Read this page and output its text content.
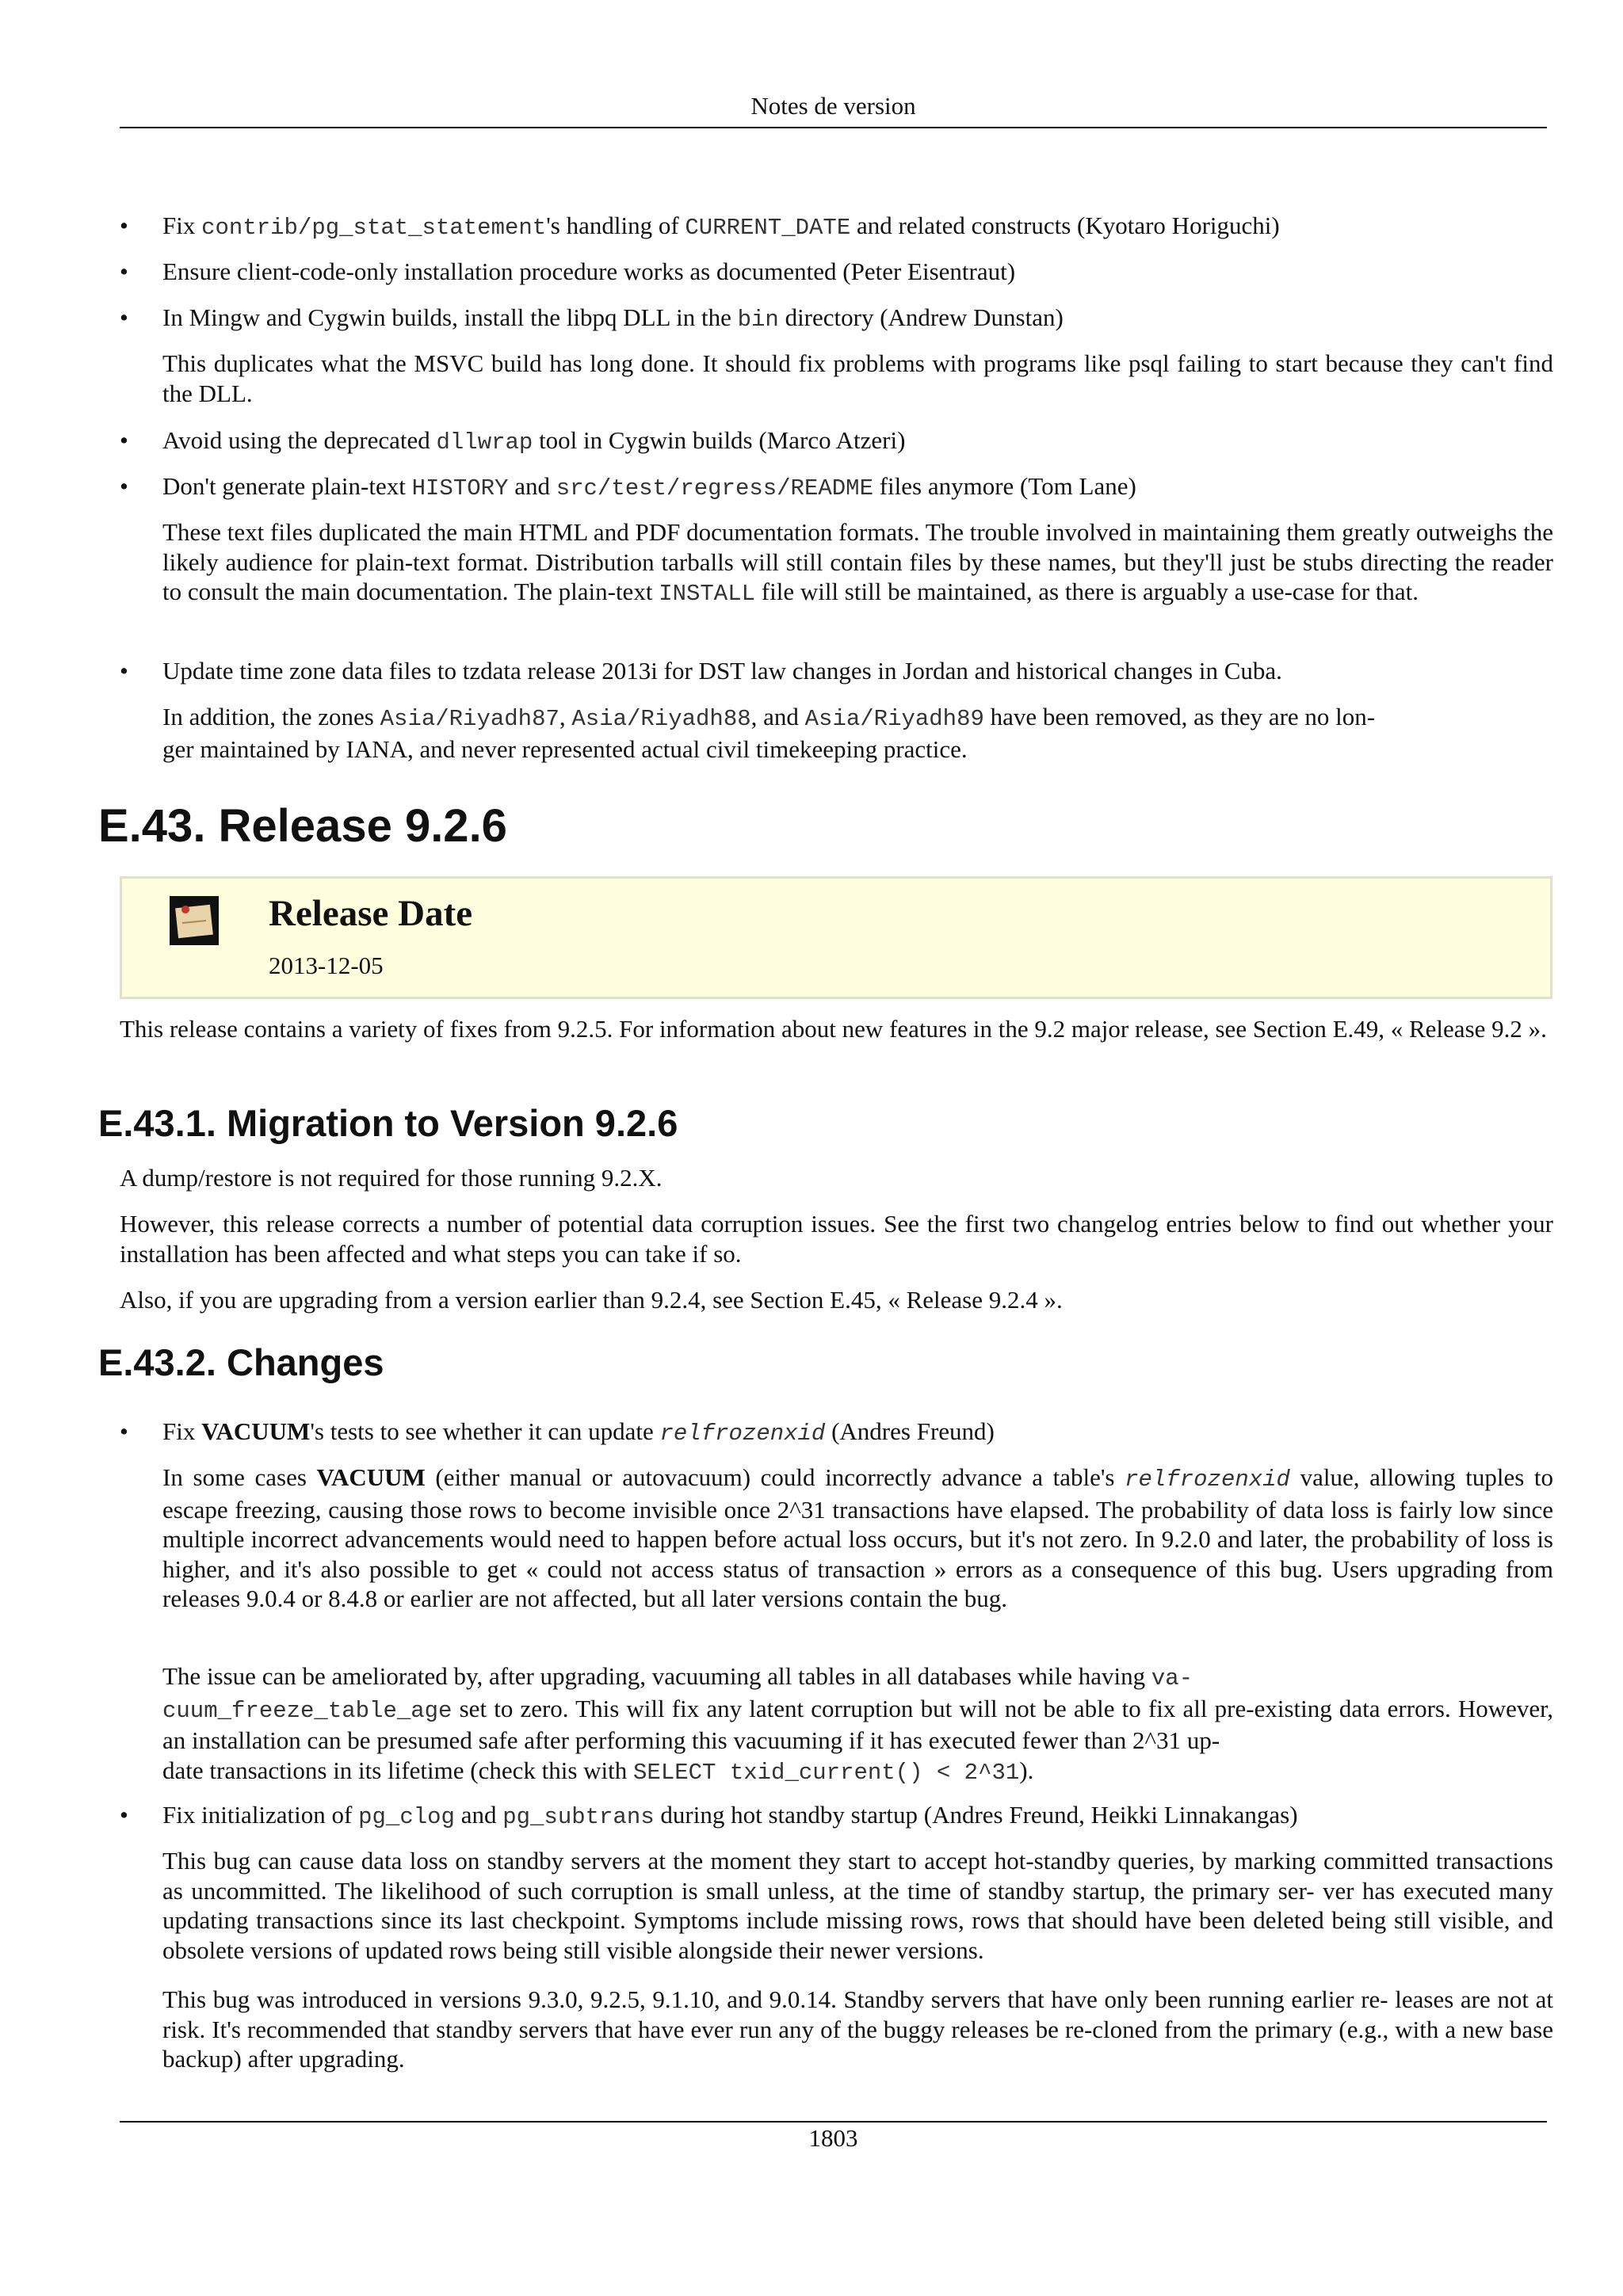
Notes de version
• Fix contrib/pg_stat_statement's handling of CURRENT_DATE and related constructs (Kyotaro Horiguchi)
• Ensure client-code-only installation procedure works as documented (Peter Eisentraut)
• In Mingw and Cygwin builds, install the libpq DLL in the bin directory (Andrew Dunstan)
This duplicates what the MSVC build has long done. It should fix problems with programs like psql failing to start because they can't find the DLL.
• Avoid using the deprecated dllwrap tool in Cygwin builds (Marco Atzeri)
• Don't generate plain-text HISTORY and src/test/regress/README files anymore (Tom Lane)
These text files duplicated the main HTML and PDF documentation formats. The trouble involved in maintaining them greatly outweighs the likely audience for plain-text format. Distribution tarballs will still contain files by these names, but they'll just be stubs directing the reader to consult the main documentation. The plain-text INSTALL file will still be maintained, as there is arguably a use-case for that.
• Update time zone data files to tzdata release 2013i for DST law changes in Jordan and historical changes in Cuba.
In addition, the zones Asia/Riyadh87, Asia/Riyadh88, and Asia/Riyadh89 have been removed, as they are no lon-
ger maintained by IANA, and never represented actual civil timekeeping practice.
E.43. Release 9.2.6
Release Date
2013-12-05
This release contains a variety of fixes from 9.2.5. For information about new features in the 9.2 major release, see Section E.49, « Release 9.2 ».
E.43.1. Migration to Version 9.2.6
A dump/restore is not required for those running 9.2.X.
However, this release corrects a number of potential data corruption issues. See the first two changelog entries below to find out whether your installation has been affected and what steps you can take if so.
Also, if you are upgrading from a version earlier than 9.2.4, see Section E.45, « Release 9.2.4 ».
E.43.2. Changes
• Fix VACUUM's tests to see whether it can update relfrozenxid (Andres Freund)
In some cases VACUUM (either manual or autovacuum) could incorrectly advance a table's relfrozenxid value, allowing tuples to escape freezing, causing those rows to become invisible once 2^31 transactions have elapsed. The probability of data loss is fairly low since multiple incorrect advancements would need to happen before actual loss occurs, but it's not zero. In 9.2.0 and later, the probability of loss is higher, and it's also possible to get « could not access status of transaction » errors as a consequence of this bug. Users upgrading from releases 9.0.4 or 8.4.8 or earlier are not affected, but all later versions contain the bug.
The issue can be ameliorated by, after upgrading, vacuuming all tables in all databases while having va-
cuum_freeze_table_age set to zero. This will fix any latent corruption but will not be able to fix all pre-existing data errors. However, an installation can be presumed safe after performing this vacuuming if it has executed fewer than 2^31 up-
date transactions in its lifetime (check this with SELECT txid_current() < 2^31).
• Fix initialization of pg_clog and pg_subtrans during hot standby startup (Andres Freund, Heikki Linnakangas)
This bug can cause data loss on standby servers at the moment they start to accept hot-standby queries, by marking committed transactions as uncommitted. The likelihood of such corruption is small unless, at the time of standby startup, the primary ser- ver has executed many updating transactions since its last checkpoint. Symptoms include missing rows, rows that should have been deleted being still visible, and obsolete versions of updated rows being still visible alongside their newer versions.
This bug was introduced in versions 9.3.0, 9.2.5, 9.1.10, and 9.0.14. Standby servers that have only been running earlier re- leases are not at risk. It's recommended that standby servers that have ever run any of the buggy releases be re-cloned from the primary (e.g., with a new base backup) after upgrading.
1803
